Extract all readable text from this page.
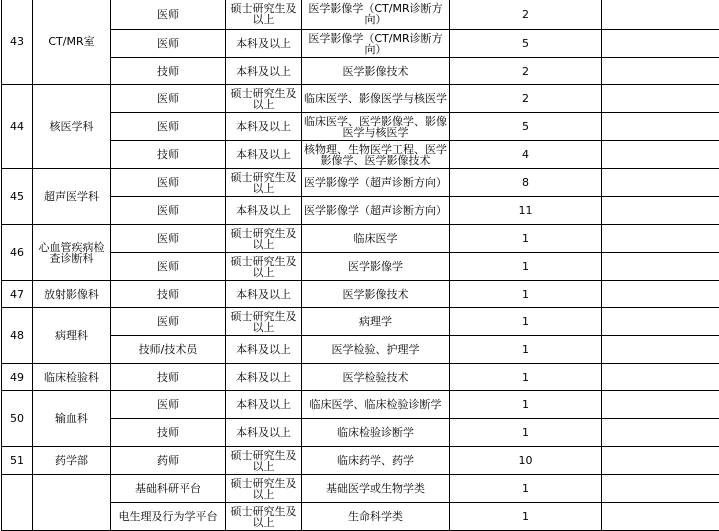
43	CT/MR室	医师	硕士研究生及以上	医学影像学（CT/MR诊断方向）	2	
		医师	本科及以上	医学影像学（CT/MR诊断方向）	5	
		技师	本科及以上	医学影像技术	2	
44	核医学科	医师	硕士研究生及以上	临床医学、影像医学与核医学	2	
		医师	本科及以上	临床医学、医学影像学、影像医学与核医学	5	
		技师	本科及以上	核物理、生物医学工程、医学影像学、医学影像技术	4	
45	超声医学科	医师	硕士研究生及以上	医学影像学（超声诊断方向）	8	
		医师	本科及以上	医学影像学（超声诊断方向）	11	
46	心血管疾病检查诊断科	医师	硕士研究生及以上	临床医学	1	
		医师	硕士研究生及以上	医学影像学	1	
47	放射影像科	技师	本科及以上	医学影像技术	1	
48	病理科	医师	硕士研究生及以上	病理学	1	
		技师/技术员	本科及以上	医学检验、护理学	1	
49	临床检验科	技师	本科及以上	医学检验技术	1	
50	输血科	医师	本科及以上	临床医学、临床检验诊断学	1	
		技师	本科及以上	临床检验诊断学	1	
51	药学部	药师	硕士研究生及以上	临床药学、药学	10	
		基础科研平台	硕士研究生及以上	基础医学或生物学类	1	
		电生理及行为学平台	硕士研究生及以上	生命科学类	1	
